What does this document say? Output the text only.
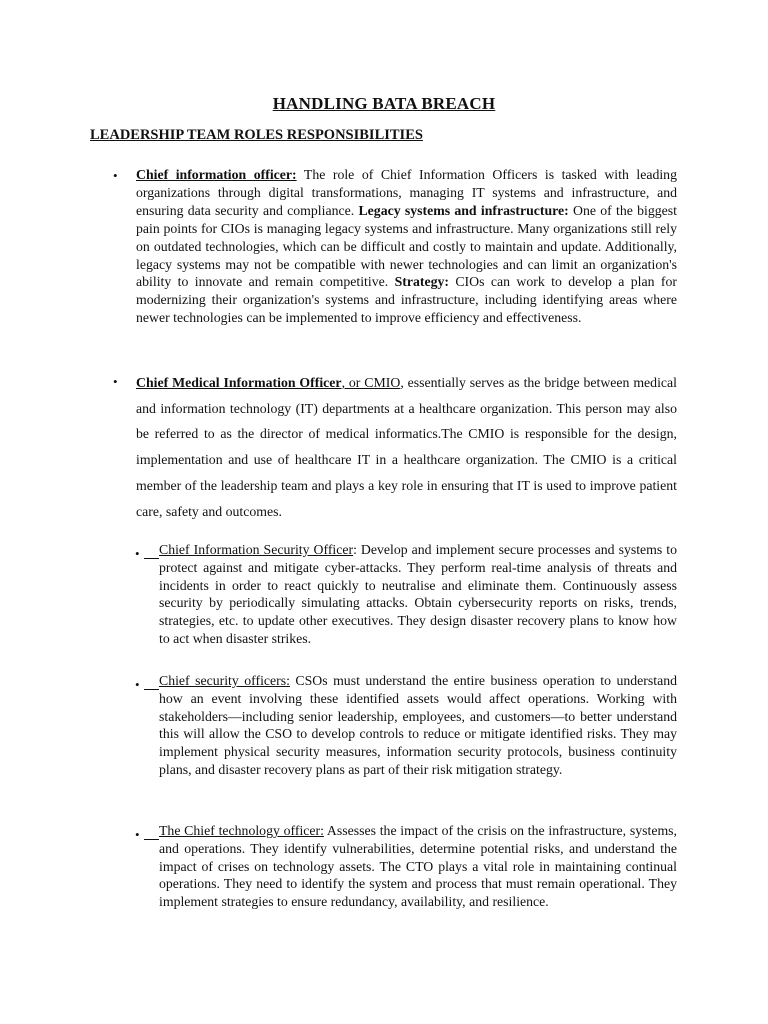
HANDLING BATA BREACH
LEADERSHIP TEAM ROLES RESPONSIBILITIES
• Chief information officer: The role of Chief Information Officers is tasked with leading organizations through digital transformations, managing IT systems and infrastructure, and ensuring data security and compliance. Legacy systems and infrastructure: One of the biggest pain points for CIOs is managing legacy systems and infrastructure. Many organizations still rely on outdated technologies, which can be difficult and costly to maintain and update. Additionally, legacy systems may not be compatible with newer technologies and can limit an organization's ability to innovate and remain competitive. Strategy: CIOs can work to develop a plan for modernizing their organization's systems and infrastructure, including identifying areas where newer technologies can be implemented to improve efficiency and effectiveness.
• Chief Medical Information Officer, or CMIO, essentially serves as the bridge between medical and information technology (IT) departments at a healthcare organization. This person may also be referred to as the director of medical informatics.The CMIO is responsible for the design, implementation and use of healthcare IT in a healthcare organization. The CMIO is a critical member of the leadership team and plays a key role in ensuring that IT is used to improve patient care, safety and outcomes.
• Chief Information Security Officer: Develop and implement secure processes and systems to protect against and mitigate cyber-attacks. They perform real-time analysis of threats and incidents in order to react quickly to neutralise and eliminate them. Continuously assess security by periodically simulating attacks. Obtain cybersecurity reports on risks, trends, strategies, etc. to update other executives. They design disaster recovery plans to know how to act when disaster strikes.
• Chief security officers: CSOs must understand the entire business operation to understand how an event involving these identified assets would affect operations. Working with stakeholders—including senior leadership, employees, and customers—to better understand this will allow the CSO to develop controls to reduce or mitigate identified risks. They may implement physical security measures, information security protocols, business continuity plans, and disaster recovery plans as part of their risk mitigation strategy.
• The Chief technology officer: Assesses the impact of the crisis on the infrastructure, systems, and operations. They identify vulnerabilities, determine potential risks, and understand the impact of crises on technology assets. The CTO plays a vital role in maintaining continual operations. They need to identify the system and process that must remain operational. They implement strategies to ensure redundancy, availability, and resilience.
